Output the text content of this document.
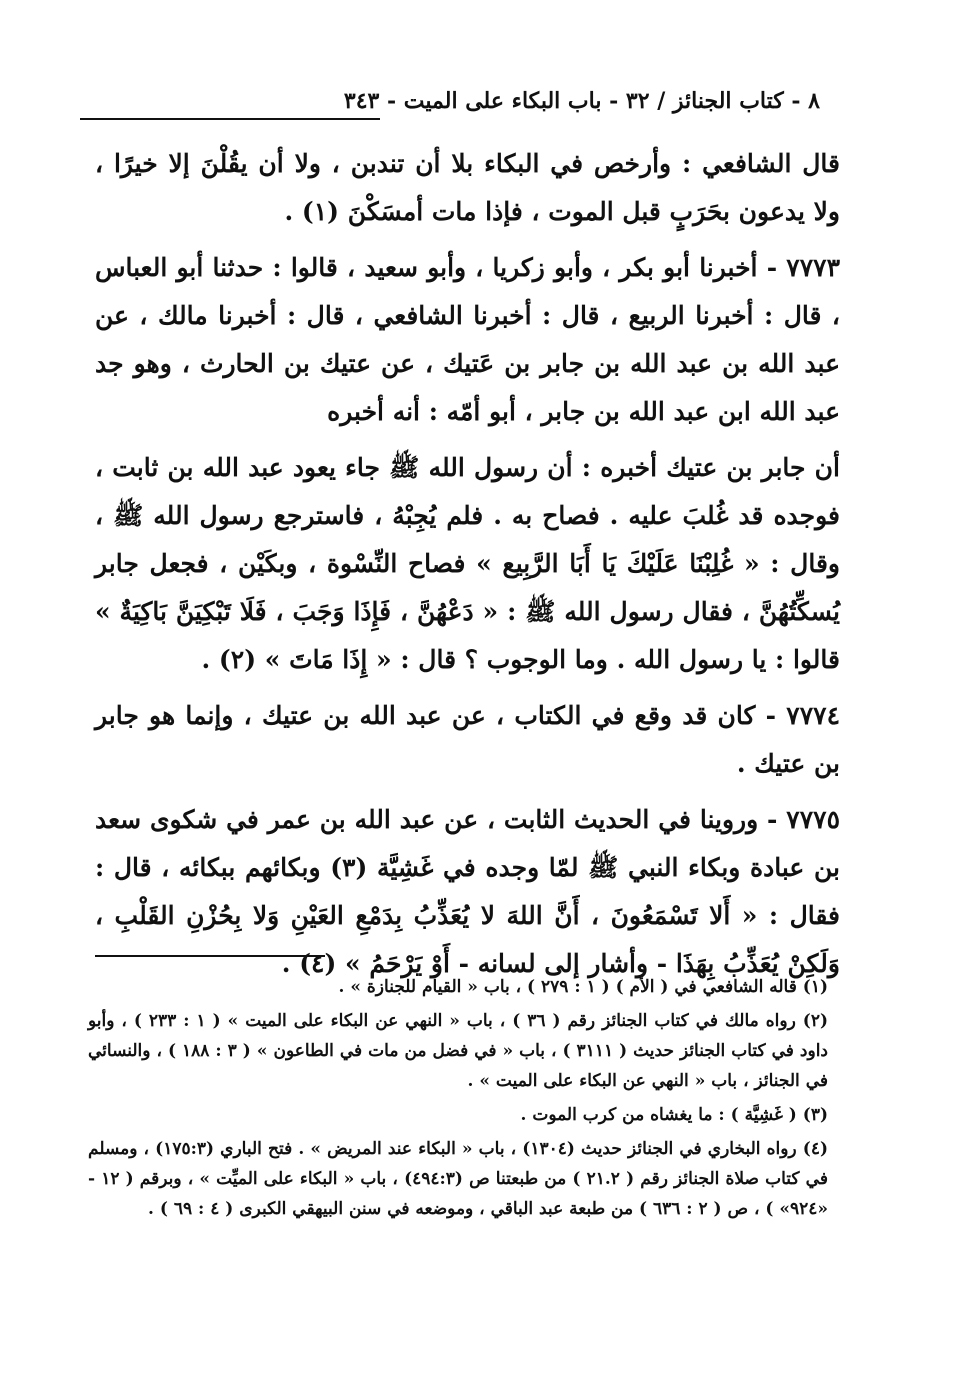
٨ - كتاب الجنائز / ٣٢ - باب البكاء على الميت - ٣٤٣

قال الشافعي : وأرخص في البكاء بلا أن تندبن ، ولا أن يقُلْنَ إلا خيرًا ، ولا يدعون بحَرَبٍ قبل الموت ، فإذا مات أمسَكْنَ (١) .

٧٧٧٣ - أخبرنا أبو بكر ، وأبو زكريا ، وأبو سعيد ، قالوا : حدثنا أبو العباس ، قال : أخبرنا الربيع ، قال : أخبرنا الشافعي ، قال : أخبرنا مالك ، عن عبد الله بن عبد الله بن جابر بن عَتيك ، عن عتيك بن الحارث ، وهو جد عبد الله ابن عبد الله بن جابر ، أبو أمّه : أنه أخبره

أن جابر بن عتيك أخبره : أن رسول الله ﷺ جاء يعود عبد الله بن ثابت ، فوجده قد غُلبَ عليه . فصاح به . فلم يُجِبْهُ ، فاسترجع رسول الله ﷺ ، وقال : « غُلِبْنَا عَلَيْكَ يَا أَبَا الرَّبِيع » فصاح النِّسْوة ، وبكَيْن ، فجعل جابر يُسكِّتُهُنَّ ، فقال رسول الله ﷺ : « دَعْهُنَّ ، فَإِذَا وَجَبَ ، فَلَا تَبْكِيَنَّ بَاكِيَةٌ » قالوا : يا رسول الله . وما الوجوب ؟ قال : « إِذَا مَاتَ » (٢) .

٧٧٧٤ - كان قد وقع في الكتاب ، عن عبد الله بن عتيك ، وإنما هو جابر بن عتيك .

٧٧٧٥ - وروينا في الحديث الثابت ، عن عبد الله بن عمر في شكوى سعد بن عبادة وبكاء النبي ﷺ لمّا وجده في غَشِيَّة (٣) وبكائهم ببكائه ، قال : فقال : « أَلا تَسْمَعُونَ ، أَنَّ اللهَ لا يُعَذِّبُ بِدَمْعِ العَيْنِ وَلا بِحُزْنِ القَلْبِ ، وَلَكِنْ يُعَذِّبُ بِهَذَا - وأشار إلى لسانه - أَوْ يَرْحَمُ » (٤) .

(١) قاله الشافعي في ( الأم ) ( ١ : ٢٧٩ ) ، باب « القيام للجنازة » .

(٢) رواه مالك في كتاب الجنائز رقم ( ٣٦ ) ، باب « النهي عن البكاء على الميت » ( ١ : ٢٣٣ ) ، وأبو داود في كتاب الجنائز حديث ( ٣١١١ ) ، باب « في فضل من مات في الطاعون » ( ٣ : ١٨٨ ) ، والنسائي في الجنائز ، باب « النهي عن البكاء على الميت » .

(٣) ( غَشِيَّة ) : ما يغشاه من كرب الموت .

(٤) رواه البخاري في الجنائز حديث (١٣٠٤) ، باب « البكاء عند المريض » . فتح الباري (١٧٥:٣) ، ومسلم في كتاب صلاة الجنائز رقم ( ٢١.٢ ) من طبعتنا ص (٤٩٤:٣) ، باب « البكاء على الميِّت » ، وبرقم ( ١٢ - «٩٢٤» ) ، ص ( ٢ : ٦٣٦ ) من طبعة عبد الباقي ، وموضعه في سنن البيهقي الكبرى ( ٤ : ٦٩ ) .
